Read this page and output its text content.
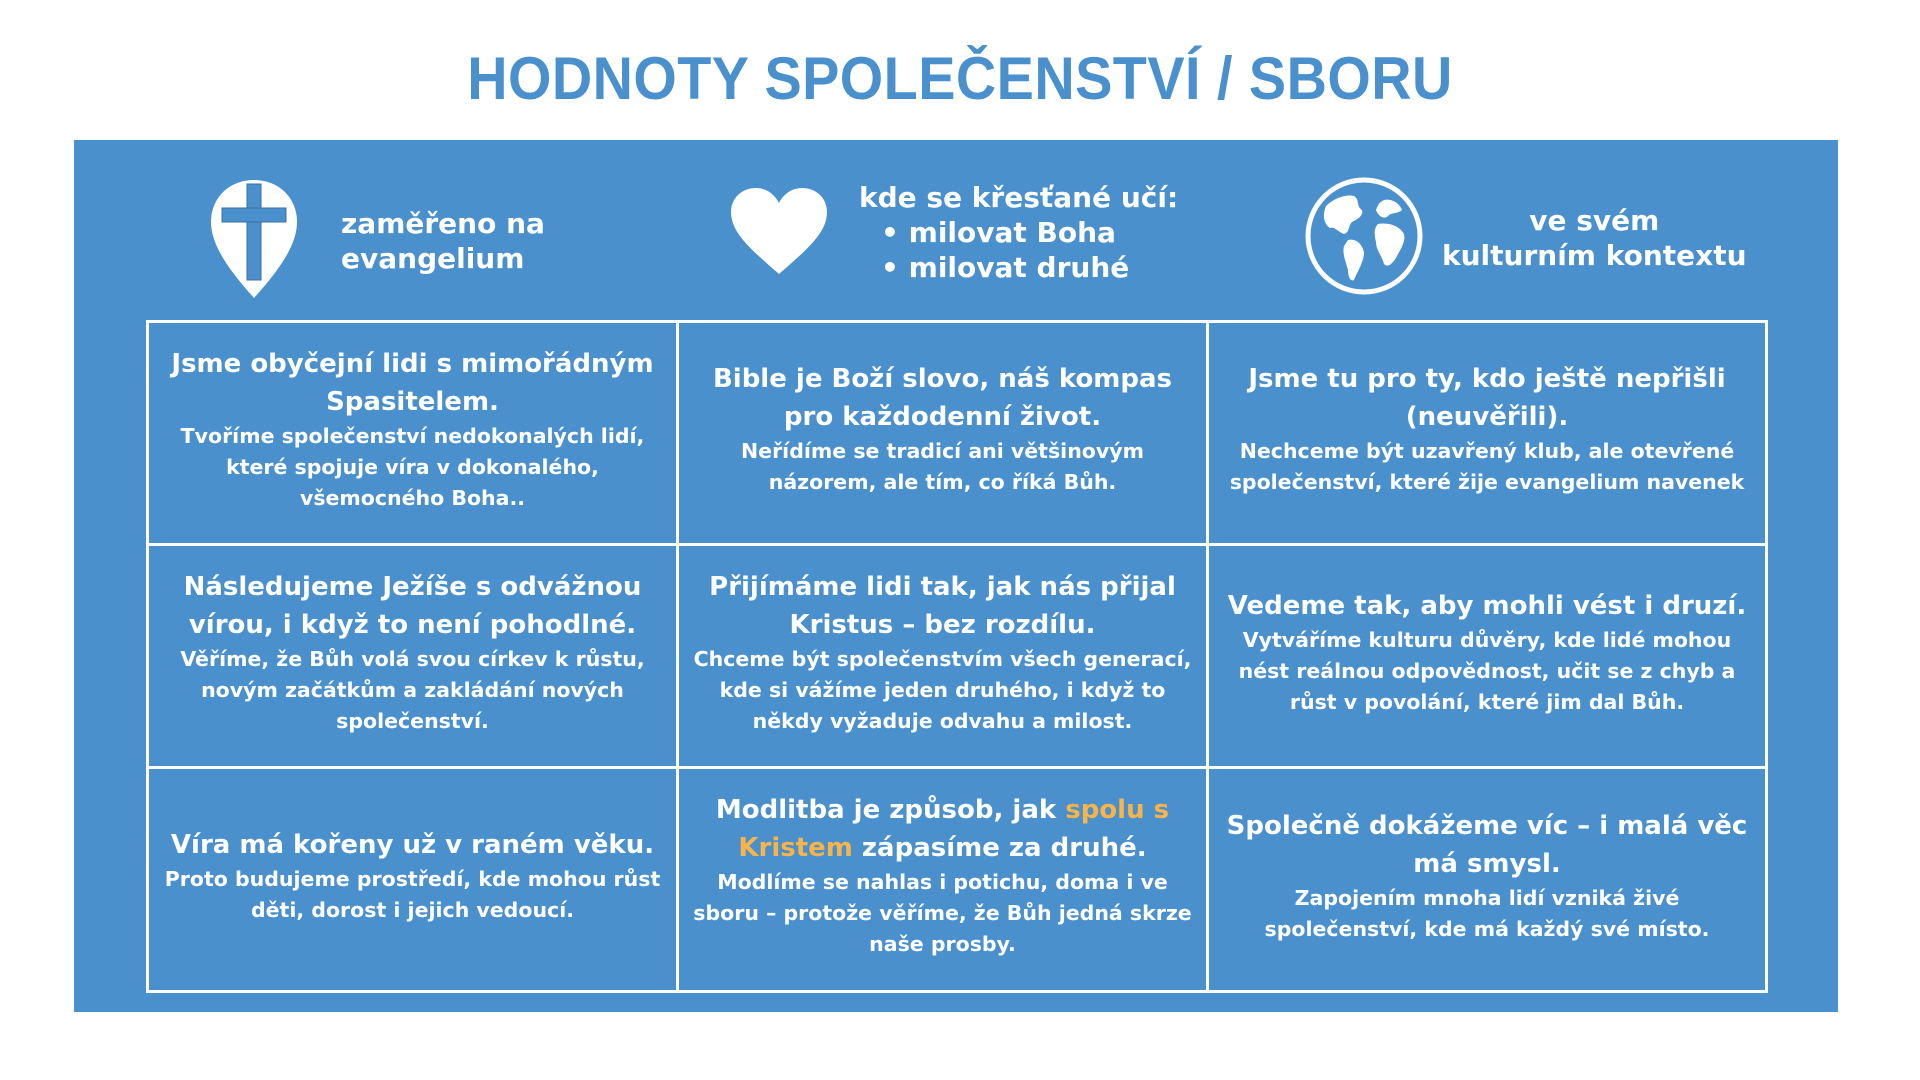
HODNOTY SPOLEČENSTVÍ / SBORU
zaměřeno na
evangelium
kde se křesťané učí:
• milovat Boha
• milovat druhé
ve svém
kulturním kontextu
Jsme obyčejní lidi s mimořádným Spasitelem.
Tvoříme společenství nedokonalých lidí, které spojuje víra v dokonalého, všemocného Boha..
Bible je Boží slovo, náš kompas pro každodenní život.
Neřídíme se tradicí ani většinovým názorem, ale tím, co říká Bůh.
Jsme tu pro ty, kdo ještě nepřišli (neuvěřili).
Nechceme být uzavřený klub, ale otevřené společenství, které žije evangelium navenek
Následujeme Ježíše s odvážnou vírou, i když to není pohodlné.
Věříme, že Bůh volá svou církev k růstu, novým začátkům a zakládání nových společenství.
Přijímáme lidi tak, jak nás přijal Kristus – bez rozdílu.
Chceme být společenstvím všech generací, kde si vážíme jeden druhého, i když to někdy vyžaduje odvahu a milost.
Vedeme tak, aby mohli vést i druzí.
Vytváříme kulturu důvěry, kde lidé mohou nést reálnou odpovědnost, učit se z chyb a růst v povolání, které jim dal Bůh.
Víra má kořeny už v raném věku.
Proto budujeme prostředí, kde mohou růst děti, dorost i jejich vedoucí.
Modlitba je způsob, jak spolu s Kristem zápasíme za druhé.
Modlíme se nahlas i potichu, doma i ve sboru – protože věříme, že Bůh jedná skrze naše prosby.
Společně dokážeme víc – i malá věc má smysl.
Zapojením mnoha lidí vzniká živé společenství, kde má každý své místo.
